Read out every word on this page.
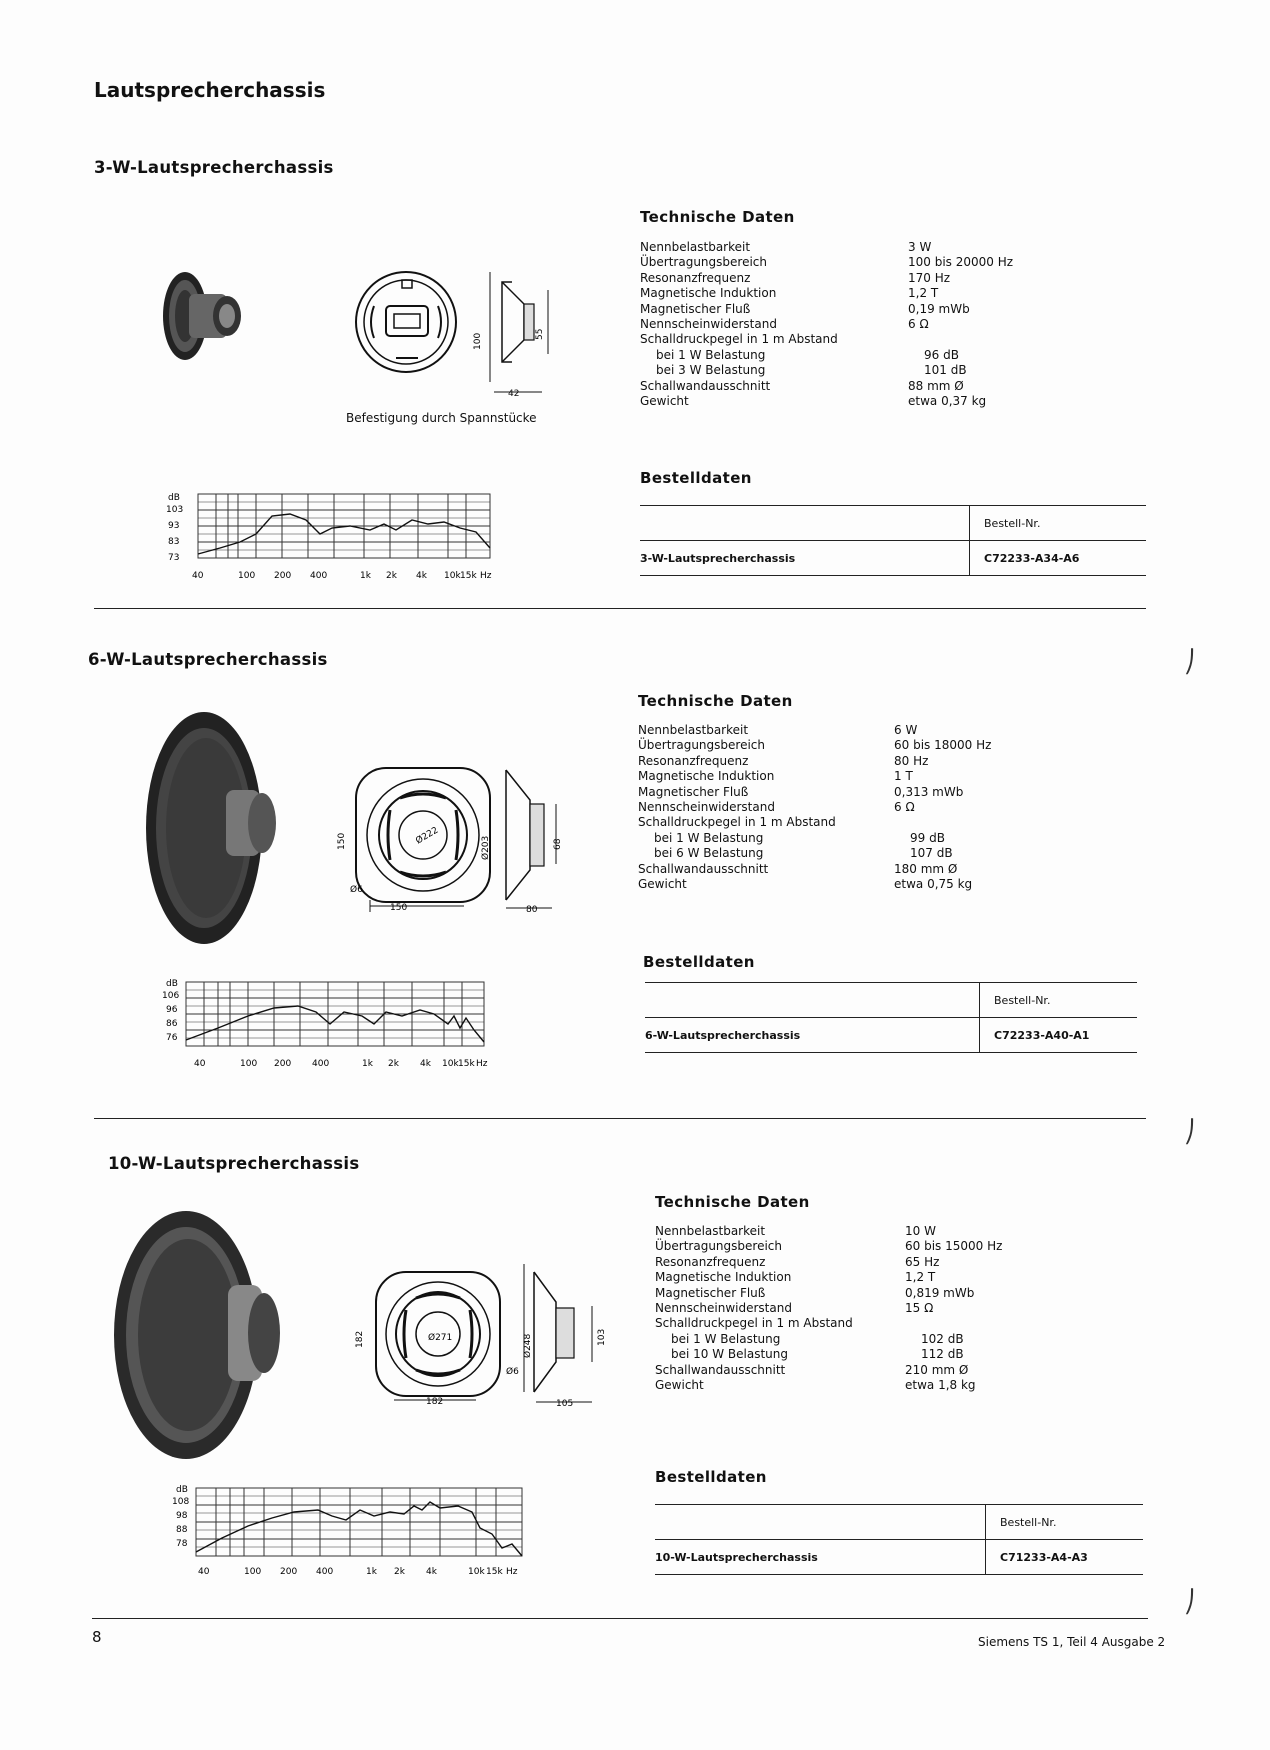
Lautsprecherchassis
3-W-Lautsprecherchassis
100	55
42
Befestigung durch Spannstücke
Technische Daten
Nennbelastbarkeit	3 W
Übertragungsbereich	100 bis 20000 Hz
Resonanzfrequenz	170 Hz
Magnetische Induktion	1,2 T
Magnetischer Fluß	0,19 mWb
Nennscheinwiderstand	6 Ω
Schalldruckpegel in 1 m Abstand
bei 1 W Belastung	96 dB
bei 3 W Belastung	101 dB
Schallwandausschnitt	88 mm Ø
Gewicht	etwa 0,37 kg
dB
103
93
83
73
40	100 200 400	1k 2k 4k 10k 15k Hz
Bestelldaten
	Bestell-Nr.
3-W-Lautsprecherchassis	C72233-A34-A6
6-W-Lautsprecherchassis
Ø222
150	Ø203
Ø6
150
68
80
Technische Daten
Nennbelastbarkeit	6 W
Übertragungsbereich	60 bis 18000 Hz
Resonanzfrequenz	80 Hz
Magnetische Induktion	1 T
Magnetischer Fluß	0,313 mWb
Nennscheinwiderstand	6 Ω
Schalldruckpegel in 1 m Abstand
bei 1 W Belastung	99 dB
bei 6 W Belastung	107 dB
Schallwandausschnitt	180 mm Ø
Gewicht	etwa 0,75 kg
dB
106
96
86
76
40	100 200 400	1k 2k 4k 10k 15k Hz
Bestelldaten
	Bestell-Nr.
6-W-Lautsprecherchassis	C72233-A40-A1
10-W-Lautsprecherchassis
Ø271
182
Ø6
182
Ø248	103
105
Technische Daten
Nennbelastbarkeit	10 W
Übertragungsbereich	60 bis 15000 Hz
Resonanzfrequenz	65 Hz
Magnetische Induktion	1,2 T
Magnetischer Fluß	0,819 mWb
Nennscheinwiderstand	15 Ω
Schalldruckpegel in 1 m Abstand
bei 1 W Belastung	102 dB
bei 10 W Belastung	112 dB
Schallwandausschnitt	210 mm Ø
Gewicht	etwa 1,8 kg
dB
108
98
88
78
40	100 200 400	1k 2k 4k	10k 15k Hz
Bestelldaten
	Bestell-Nr.
10-W-Lautsprecherchassis	C71233-A4-A3
8	Siemens TS 1, Teil 4 Ausgabe 2
⎠
⎠
⎠
